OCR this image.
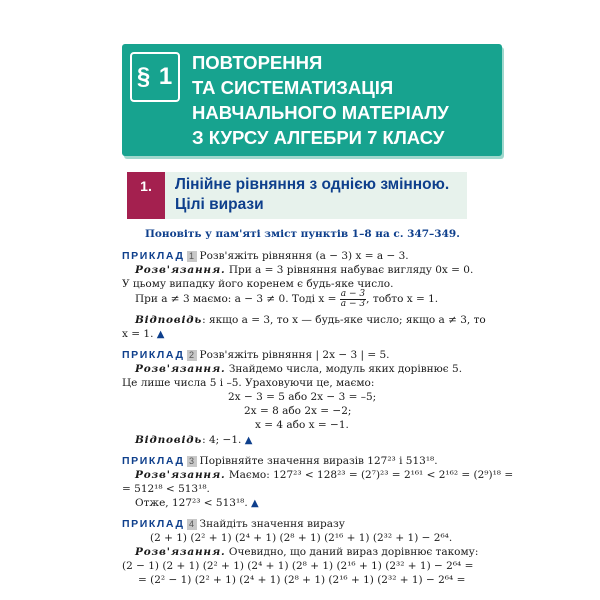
§ 1
ПОВТОРЕННЯ
ТА СИСТЕМАТИЗАЦІЯ
НАВЧАЛЬНОГО МАТЕРІАЛУ
З КУРСУ АЛГЕБРИ 7 КЛАСУ
1.	Лінійне рівняння з однією змінною.
Цілі вирази
Поновіть у пам'яті зміст пунктів 1–8 на с. 347–349.
ПРИКЛАД 1 Розв'яжіть рівняння (a − 3) x = a − 3.
Розв'язання. При a = 3 рівняння набуває вигляду 0x = 0.
У цьому випадку його коренем є будь-яке число.
При a ≠ 3 маємо: a − 3 ≠ 0. Тоді $x = \frac{a - 3}{a - 3}$ , тобто x = 1.
Відповідь: якщо a = 3, то x — будь-яке число; якщо a ≠ 3, то
x = 1. ▲
ПРИКЛАД 2 Розв'яжіть рівняння | 2x − 3 | = 5.
Розв'язання. Знайдемо числа, модуль яких дорівнює 5.
Це лише числа 5 і –5. Ураховуючи це, маємо:
2x − 3 = 5 або 2x − 3 = –5;
2x = 8 або 2x = −2;
x = 4 або x = −1.
Відповідь: 4; −1. ▲
ПРИКЛАД 3 Порівняйте значення виразів 127²³ і 513¹⁸.
Розв'язання. Маємо: 127²³ < 128²³ = (2⁷)²³ = 2¹⁶¹ < 2¹⁶² = (2⁹)¹⁸ =
= 512¹⁸ < 513¹⁸.
Отже, 127²³ < 513¹⁸. ▲
ПРИКЛАД 4 Знайдіть значення виразу
(2 + 1) (2² + 1) (2⁴ + 1) (2⁸ + 1) (2¹⁶ + 1) (2³² + 1) − 2⁶⁴.
Розв'язання. Очевидно, що даний вираз дорівнює такому:
(2 − 1) (2 + 1) (2² + 1) (2⁴ + 1) (2⁸ + 1) (2¹⁶ + 1) (2³² + 1) − 2⁶⁴ =
= (2² − 1) (2² + 1) (2⁴ + 1) (2⁸ + 1) (2¹⁶ + 1) (2³² + 1) − 2⁶⁴ =
